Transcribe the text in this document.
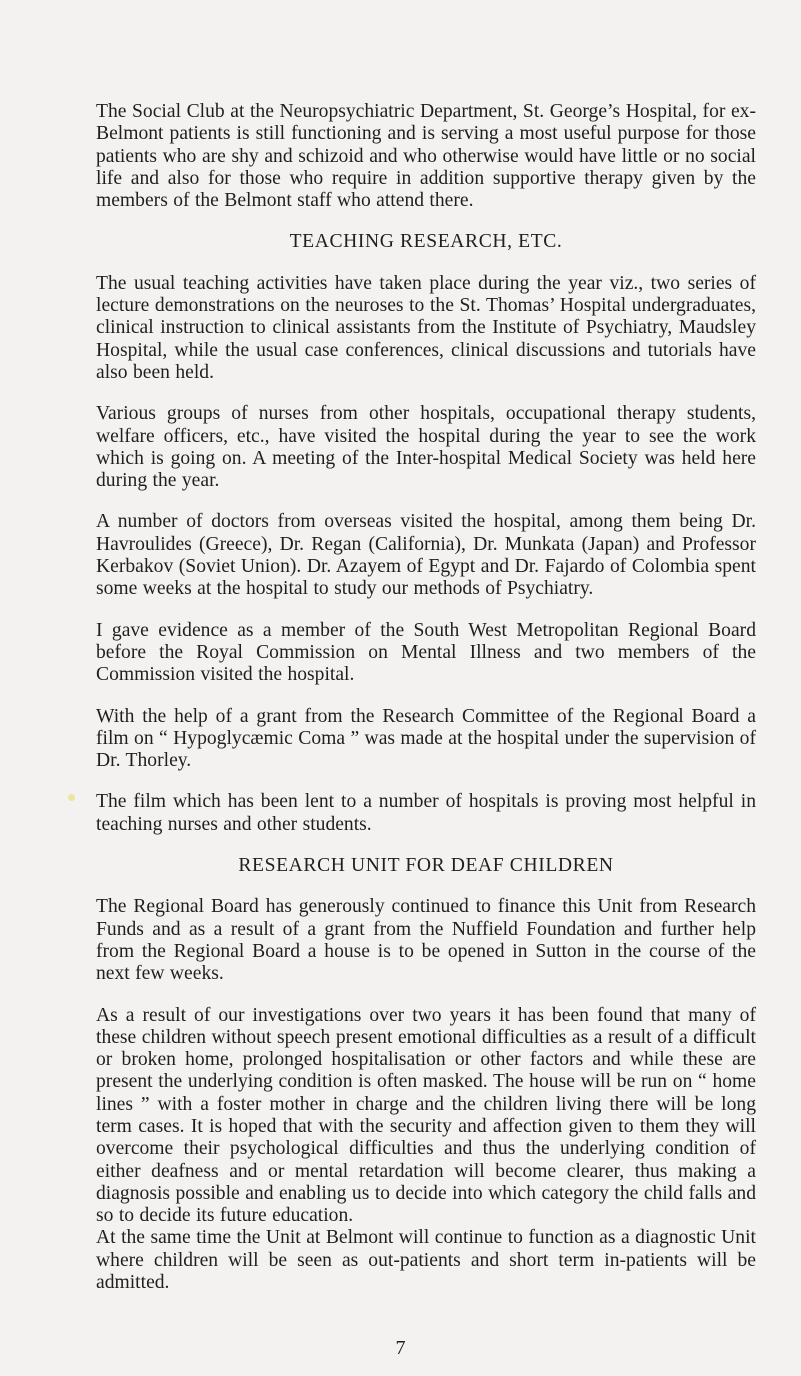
The Social Club at the Neuropsychiatric Department, St. George’s Hospital, for ex-Belmont patients is still functioning and is serving a most useful purpose for those patients who are shy and schizoid and who otherwise would have little or no social life and also for those who require in addition supportive therapy given by the members of the Belmont staff who attend there.

TEACHING RESEARCH, ETC.

The usual teaching activities have taken place during the year viz., two series of lecture demonstrations on the neuroses to the St. Thomas’ Hospital undergraduates, clinical instruction to clinical assistants from the Institute of Psychiatry, Maudsley Hospital, while the usual case conferences, clinical discussions and tutorials have also been held.

Various groups of nurses from other hospitals, occupational therapy students, welfare officers, etc., have visited the hospital during the year to see the work which is going on. A meeting of the Inter-hospital Medical Society was held here during the year.

A number of doctors from overseas visited the hospital, among them being Dr. Havroulides (Greece), Dr. Regan (California), Dr. Munkata (Japan) and Professor Kerbakov (Soviet Union). Dr. Azayem of Egypt and Dr. Fajardo of Colombia spent some weeks at the hospital to study our methods of Psychiatry.

I gave evidence as a member of the South West Metropolitan Regional Board before the Royal Commission on Mental Illness and two members of the Commission visited the hospital.

With the help of a grant from the Research Committee of the Regional Board a film on “ Hypoglycæmic Coma ” was made at the hospital under the supervision of Dr. Thorley.

The film which has been lent to a number of hospitals is proving most helpful in teaching nurses and other students.

RESEARCH UNIT FOR DEAF CHILDREN

The Regional Board has generously continued to finance this Unit from Research Funds and as a result of a grant from the Nuffield Foundation and further help from the Regional Board a house is to be opened in Sutton in the course of the next few weeks.

As a result of our investigations over two years it has been found that many of these children without speech present emotional difficulties as a result of a difficult or broken home, prolonged hospitalisation or other factors and while these are present the underlying condition is often masked. The house will be run on “ home lines ” with a foster mother in charge and the children living there will be long term cases. It is hoped that with the security and affection given to them they will overcome their psychological difficulties and thus the underlying condition of either deafness and or mental retardation will become clearer, thus making a diagnosis possible and enabling us to decide into which category the child falls and so to decide its future education.

At the same time the Unit at Belmont will continue to function as a diagnostic Unit where children will be seen as out-patients and short term in-patients will be admitted.

7
